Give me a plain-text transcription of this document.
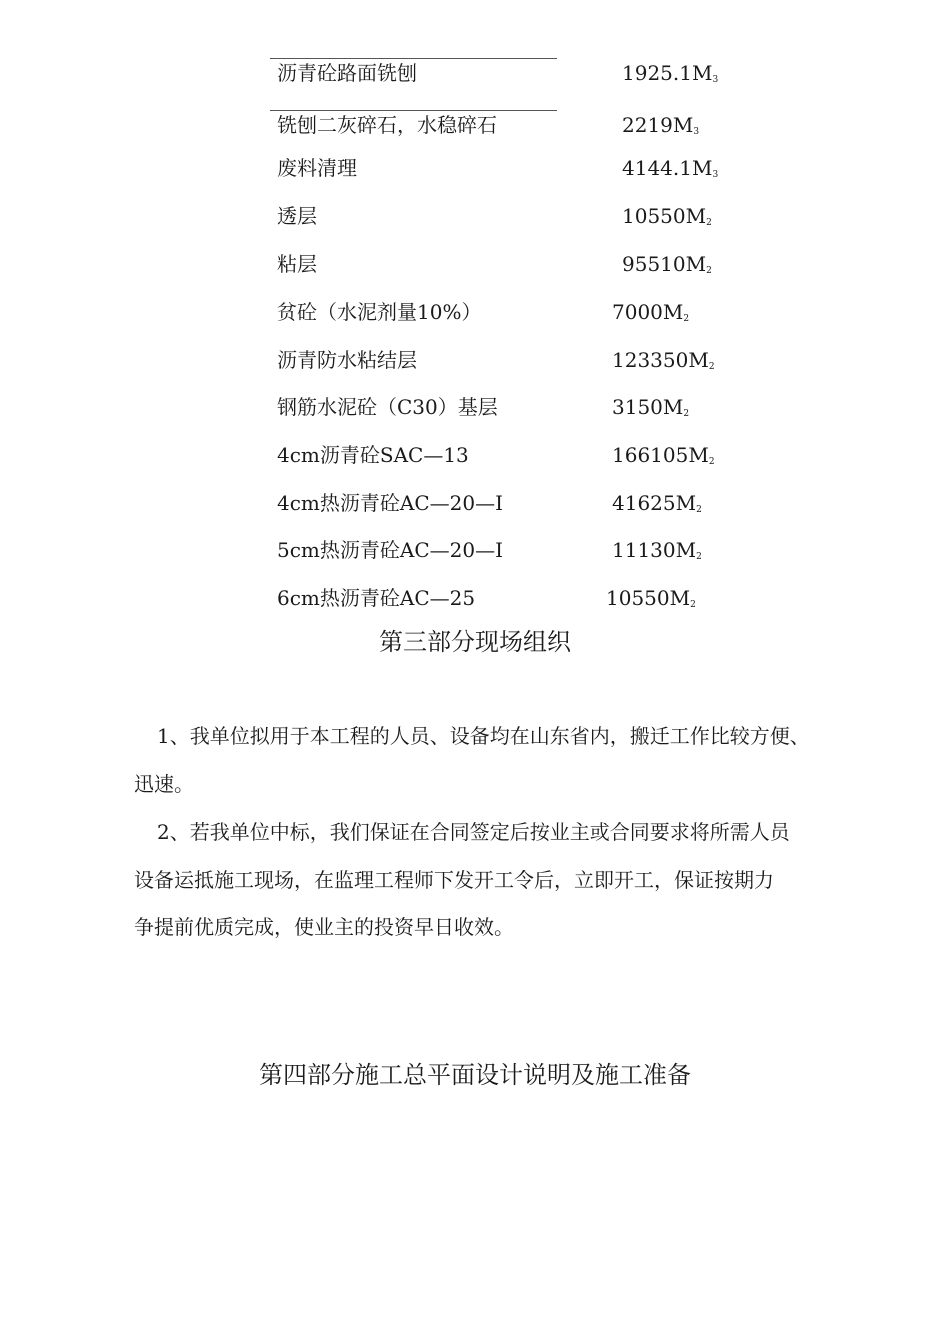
沥青砼路面铣刨	1925.1M3
铣刨二灰碎石，水稳碎石	2219M3
废料清理	4144.1M3
透层	10550M2
粘层	95510M2
贫砼（水泥剂量10%）	7000M2
沥青防水粘结层	123350M2
钢筋水泥砼（C30）基层	3150M2
4cm沥青砼SAC—13	166105M2
4cm热沥青砼AC—20—I	41625M2
5cm热沥青砼AC—20—I	11130M2
6cm热沥青砼AC—25	10550M2
第三部分现场组织
1、我单位拟用于本工程的人员、设备均在山东省内，搬迁工作比较方便、
迅速。
2、若我单位中标，我们保证在合同签定后按业主或合同要求将所需人员
设备运抵施工现场，在监理工程师下发开工令后，立即开工，保证按期力
争提前优质完成，使业主的投资早日收效。
第四部分施工总平面设计说明及施工准备
